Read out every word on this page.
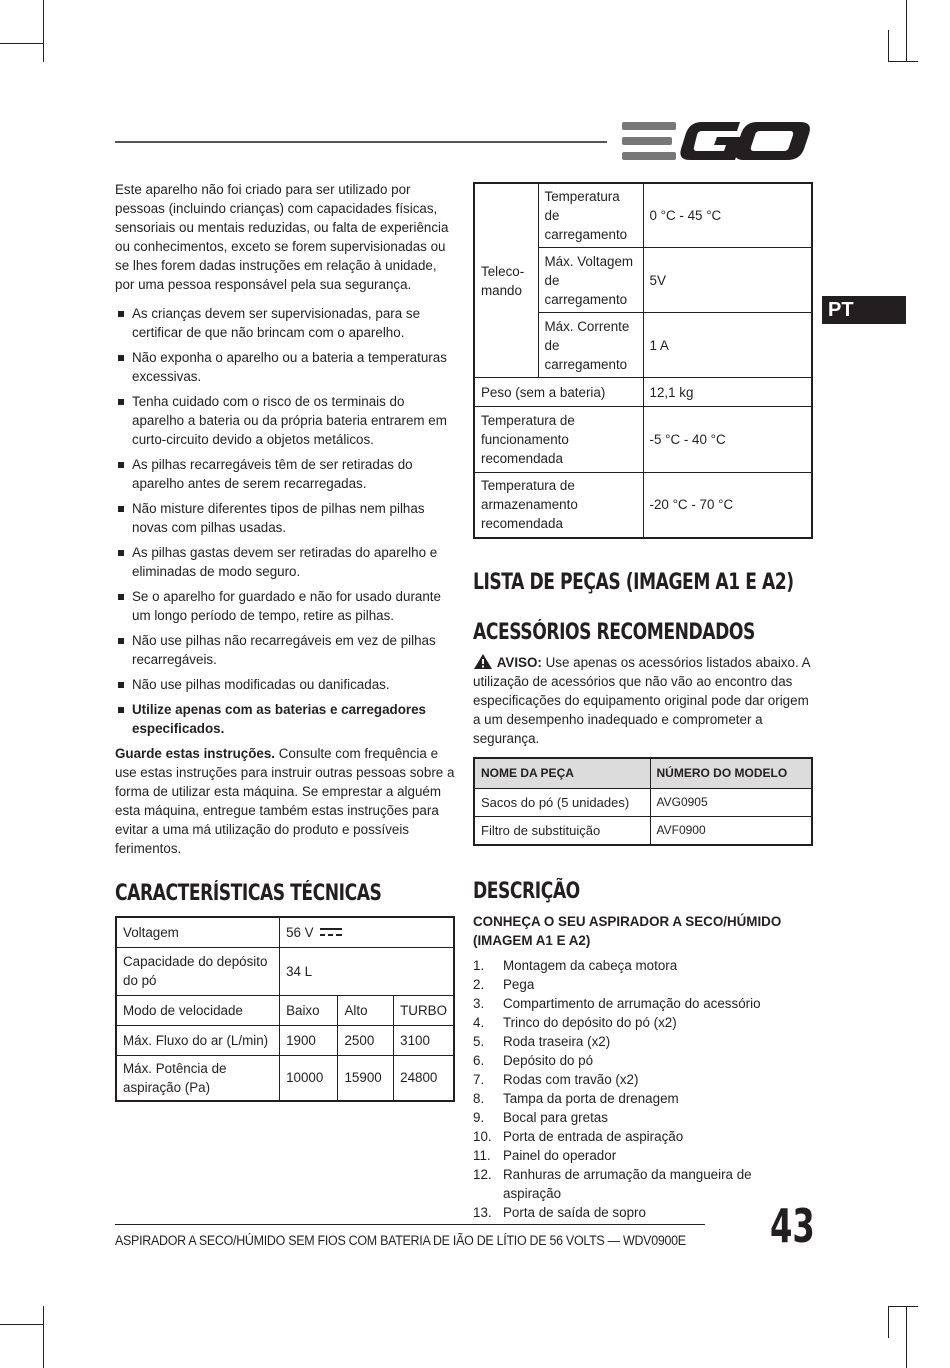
PT

Este aparelho não foi criado para ser utilizado por pessoas (incluindo crianças) com capacidades físicas, sensoriais ou mentais reduzidas, ou falta de experiência ou conhecimentos, exceto se forem supervisionadas ou se lhes forem dadas instruções em relação à unidade, por uma pessoa responsável pela sua segurança.

As crianças devem ser supervisionadas, para se certificar de que não brincam com o aparelho.
Não exponha o aparelho ou a bateria a temperaturas excessivas.
Tenha cuidado com o risco de os terminais do aparelho a bateria ou da própria bateria entrarem em curto-circuito devido a objetos metálicos.
As pilhas recarregáveis têm de ser retiradas do aparelho antes de serem recarregadas.
Não misture diferentes tipos de pilhas nem pilhas novas com pilhas usadas.
As pilhas gastas devem ser retiradas do aparelho e eliminadas de modo seguro.
Se o aparelho for guardado e não for usado durante um longo período de tempo, retire as pilhas.
Não use pilhas não recarregáveis em vez de pilhas recarregáveis.
Não use pilhas modificadas ou danificadas.
Utilize apenas com as baterias e carregadores especificados.

Guarde estas instruções. Consulte com frequência e use estas instruções para instruir outras pessoas sobre a forma de utilizar esta máquina. Se emprestar a alguém esta máquina, entregue também estas instruções para evitar a uma má utilização do produto e possíveis ferimentos.

CARACTERÍSTICAS TÉCNICAS
Voltagem	56 V		
Capacidade do depósito do pó	34 L		
Modo de velocidade	Baixo	Alto	TURBO
Máx. Fluxo do ar (L/min)	1900	2500	3100
Máx. Potência de aspiração (Pa)	10000	15900	24800
Teleco-mando	Temperatura de carregamento	0 °C - 45 °C
	Máx. Voltagem de carregamento	5V
	Máx. Corrente de carregamento	1 A
Peso (sem a bateria)		12,1 kg
Temperatura de funcionamento recomendada		-5 °C - 40 °C
Temperatura de armazenamento recomendada		-20 °C - 70 °C
LISTA DE PEÇAS (IMAGEM A1 E A2)
ACESSÓRIOS RECOMENDADOS

AVISO: Use apenas os acessórios listados abaixo. A utilização de acessórios que não vão ao encontro das especificações do equipamento original pode dar origem a um desempenho inadequado e comprometer a segurança.

NOME DA PEÇA	NÚMERO DO MODELO
Sacos do pó (5 unidades)	AVG0905
Filtro de substituição	AVF0900
DESCRIÇÃO

CONHEÇA O SEU ASPIRADOR A SECO/HÚMIDO (IMAGEM A1 E A2)

1.	Montagem da cabeça motora
2.	Pega
3.	Compartimento de arrumação do acessório
4.	Trinco do depósito do pó (x2)
5.	Roda traseira (x2)
6.	Depósito do pó
7.	Rodas com travão (x2)
8.	Tampa da porta de drenagem
9.	Bocal para gretas
10. Porta de entrada de aspiração
11. Painel do operador
12. Ranhuras de arrumação da mangueira de aspiração
13. Porta de saída de sopro
ASPIRADOR A SECO/HÚMIDO SEM FIOS COM BATERIA DE IÃO DE LÍTIO DE 56 VOLTS — WDV0900E 43
